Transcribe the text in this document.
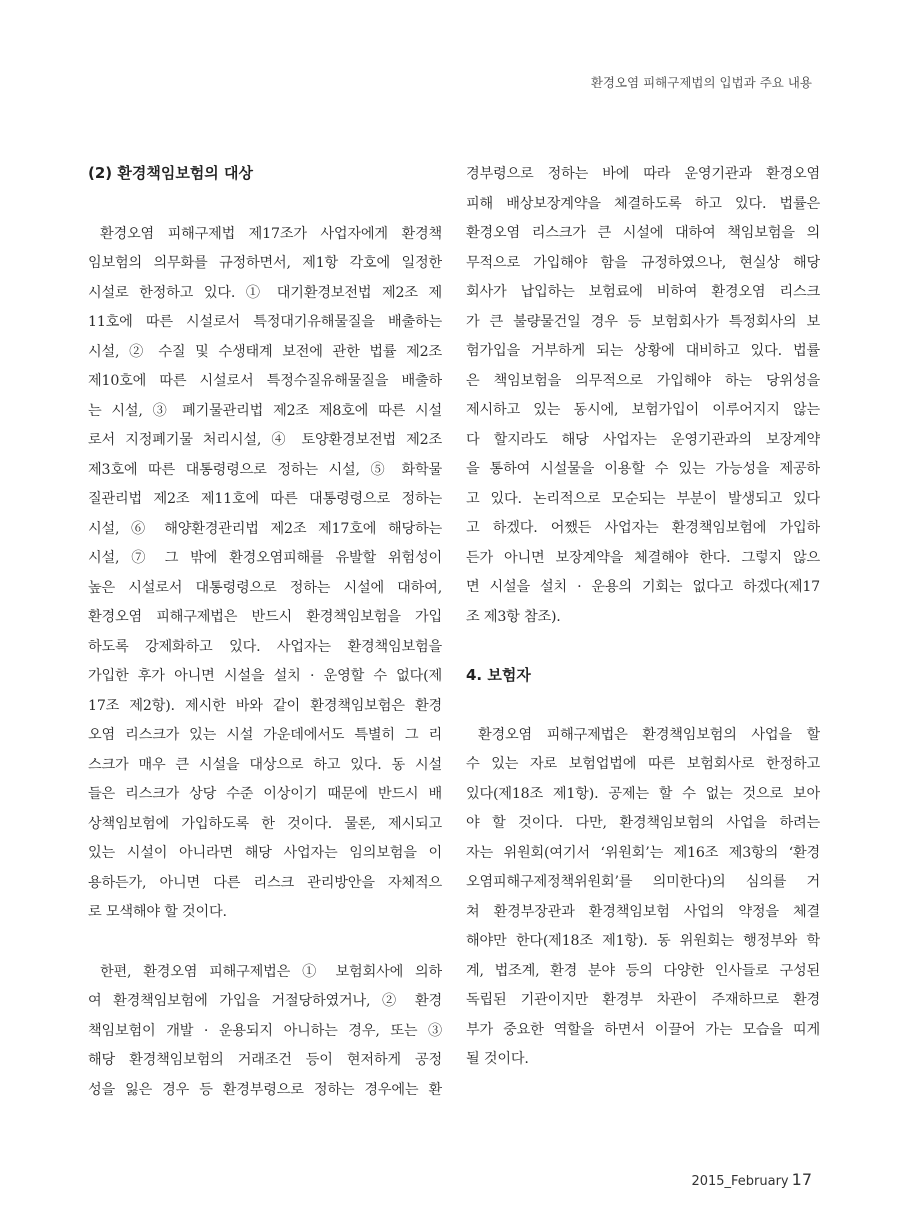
환경오염 피해구제법의 입법과 주요 내용
(2) 환경책임보험의 대상
환경오염 피해구제법 제17조가 사업자에게 환경책
임보험의 의무화를 규정하면서, 제1항 각호에 일정한
시설로 한정하고 있다. ① 대기환경보전법 제2조 제
11호에 따른 시설로서 특정대기유해물질을 배출하는
시설, ② 수질 및 수생태계 보전에 관한 법률 제2조
제10호에 따른 시설로서 특정수질유해물질을 배출하
는 시설, ③ 폐기물관리법 제2조 제8호에 따른 시설
로서 지정폐기물 처리시설, ④ 토양환경보전법 제2조
제3호에 따른 대통령령으로 정하는 시설, ⑤ 화학물
질관리법 제2조 제11호에 따른 대통령령으로 정하는
시설, ⑥ 해양환경관리법 제2조 제17호에 해당하는
시설, ⑦ 그 밖에 환경오염피해를 유발할 위험성이
높은 시설로서 대통령령으로 정하는 시설에 대하여,
환경오염 피해구제법은 반드시 환경책임보험을 가입
하도록 강제화하고 있다. 사업자는 환경책임보험을
가입한 후가 아니면 시설을 설치 · 운영할 수 없다(제
17조 제2항). 제시한 바와 같이 환경책임보험은 환경
오염 리스크가 있는 시설 가운데에서도 특별히 그 리
스크가 매우 큰 시설을 대상으로 하고 있다. 동 시설
들은 리스크가 상당 수준 이상이기 때문에 반드시 배
상책임보험에 가입하도록 한 것이다. 물론, 제시되고
있는 시설이 아니라면 해당 사업자는 임의보험을 이
용하든가, 아니면 다른 리스크 관리방안을 자체적으
로 모색해야 할 것이다.
한편, 환경오염 피해구제법은 ① 보험회사에 의하
여 환경책임보험에 가입을 거절당하였거나, ② 환경
책임보험이 개발 · 운용되지 아니하는 경우, 또는 ③
해당 환경책임보험의 거래조건 등이 현저하게 공정
성을 잃은 경우 등 환경부령으로 정하는 경우에는 환
경부령으로 정하는 바에 따라 운영기관과 환경오염
피해 배상보장계약을 체결하도록 하고 있다. 법률은
환경오염 리스크가 큰 시설에 대하여 책임보험을 의
무적으로 가입해야 함을 규정하였으나, 현실상 해당
회사가 납입하는 보험료에 비하여 환경오염 리스크
가 큰 불량물건일 경우 등 보험회사가 특정회사의 보
험가입을 거부하게 되는 상황에 대비하고 있다. 법률
은 책임보험을 의무적으로 가입해야 하는 당위성을
제시하고 있는 동시에, 보험가입이 이루어지지 않는
다 할지라도 해당 사업자는 운영기관과의 보장계약
을 통하여 시설물을 이용할 수 있는 가능성을 제공하
고 있다. 논리적으로 모순되는 부분이 발생되고 있다
고 하겠다. 어쨌든 사업자는 환경책임보험에 가입하
든가 아니면 보장계약을 체결해야 한다. 그렇지 않으
면 시설을 설치 · 운용의 기회는 없다고 하겠다(제17
조 제3항 참조).
4. 보험자
환경오염 피해구제법은 환경책임보험의 사업을 할
수 있는 자로 보험업법에 따른 보험회사로 한정하고
있다(제18조 제1항). 공제는 할 수 없는 것으로 보아
야 할 것이다. 다만, 환경책임보험의 사업을 하려는
자는 위원회(여기서 ‘위원회’는 제16조 제3항의 ‘환경
오염피해구제정책위원회’를 의미한다)의 심의를 거
쳐 환경부장관과 환경책임보험 사업의 약정을 체결
해야만 한다(제18조 제1항). 동 위원회는 행정부와 학
계, 법조계, 환경 분야 등의 다양한 인사들로 구성된
독립된 기관이지만 환경부 차관이 주재하므로 환경
부가 중요한 역할을 하면서 이끌어 가는 모습을 띠게
될 것이다.
2015_February 17
